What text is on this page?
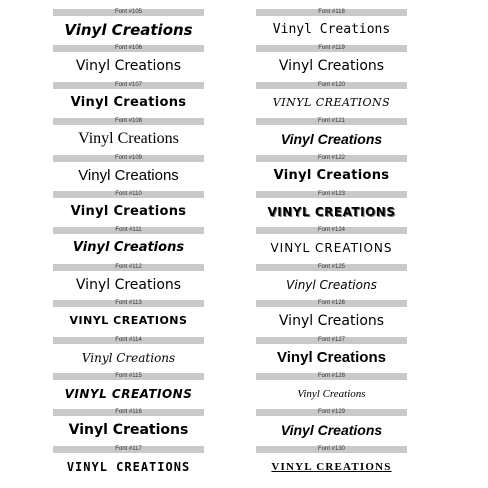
Font #105
Vinyl Creations
Font #106
Vinyl Creations
Font #107
Vinyl Creations
Font #108
Vinyl Creations
Font #109
Vinyl Creations
Font #110
Vinyl Creations
Font #111
Vinyl Creations
Font #112
Vinyl Creations
Font #113
VINYL CREATIONS
Font #114
Vinyl Creations
Font #115
VINYL CREATIONS
Font #116
Vinyl Creations
Font #117
VINYL CREATIONS
Font #118
Vinyl Creations
Font #119
Vinyl Creations
Font #120
VINYL CREATIONS
Font #121
Vinyl Creations
Font #122
Vinyl Creations
Font #123
VINYL CREATIONS
Font #124
VINYL CREATIONS
Font #125
Vinyl Creations
Font #126
Vinyl Creations
Font #127
Vinyl Creations
Font #128
Vinyl Creations
Font #129
Vinyl Creations
Font #130
VINYL CREATIONS
